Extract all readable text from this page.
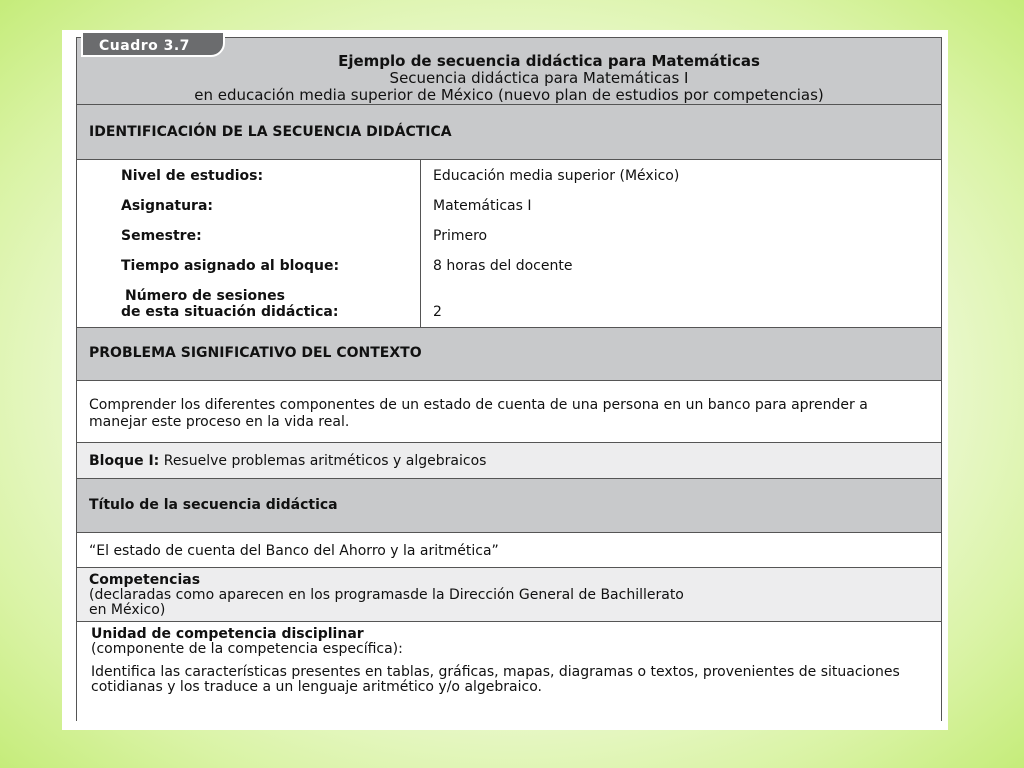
Ejemplo de secuencia didáctica para Matemáticas
Secuencia didáctica para Matemáticas I
en educación media superior de México (nuevo plan de estudios por competencias)
Cuadro 3.7
IDENTIFICACIÓN DE LA SECUENCIA DIDÁCTICA
Nivel de estudios:	Educación media superior (México)
Asignatura:	Matemáticas I
Semestre:	Primero
Tiempo asignado al bloque:	8 horas del docente
Número de sesiones
de esta situación didáctica:	2
PROBLEMA SIGNIFICATIVO DEL CONTEXTO
Comprender los diferentes componentes de un estado de cuenta de una persona en un banco para aprender a manejar este proceso en la vida real.
Bloque I: Resuelve problemas aritméticos y algebraicos
Título de la secuencia didáctica
“El estado de cuenta del Banco del Ahorro y la aritmética”
Competencias
(declaradas como aparecen en los programasde la Dirección General de Bachillerato
en México)
Unidad de competencia disciplinar
(componente de la competencia específica):

Identifica las características presentes en tablas, gráficas, mapas, diagramas o textos, provenientes de situaciones cotidianas y los traduce a un lenguaje aritmético y/o algebraico.
